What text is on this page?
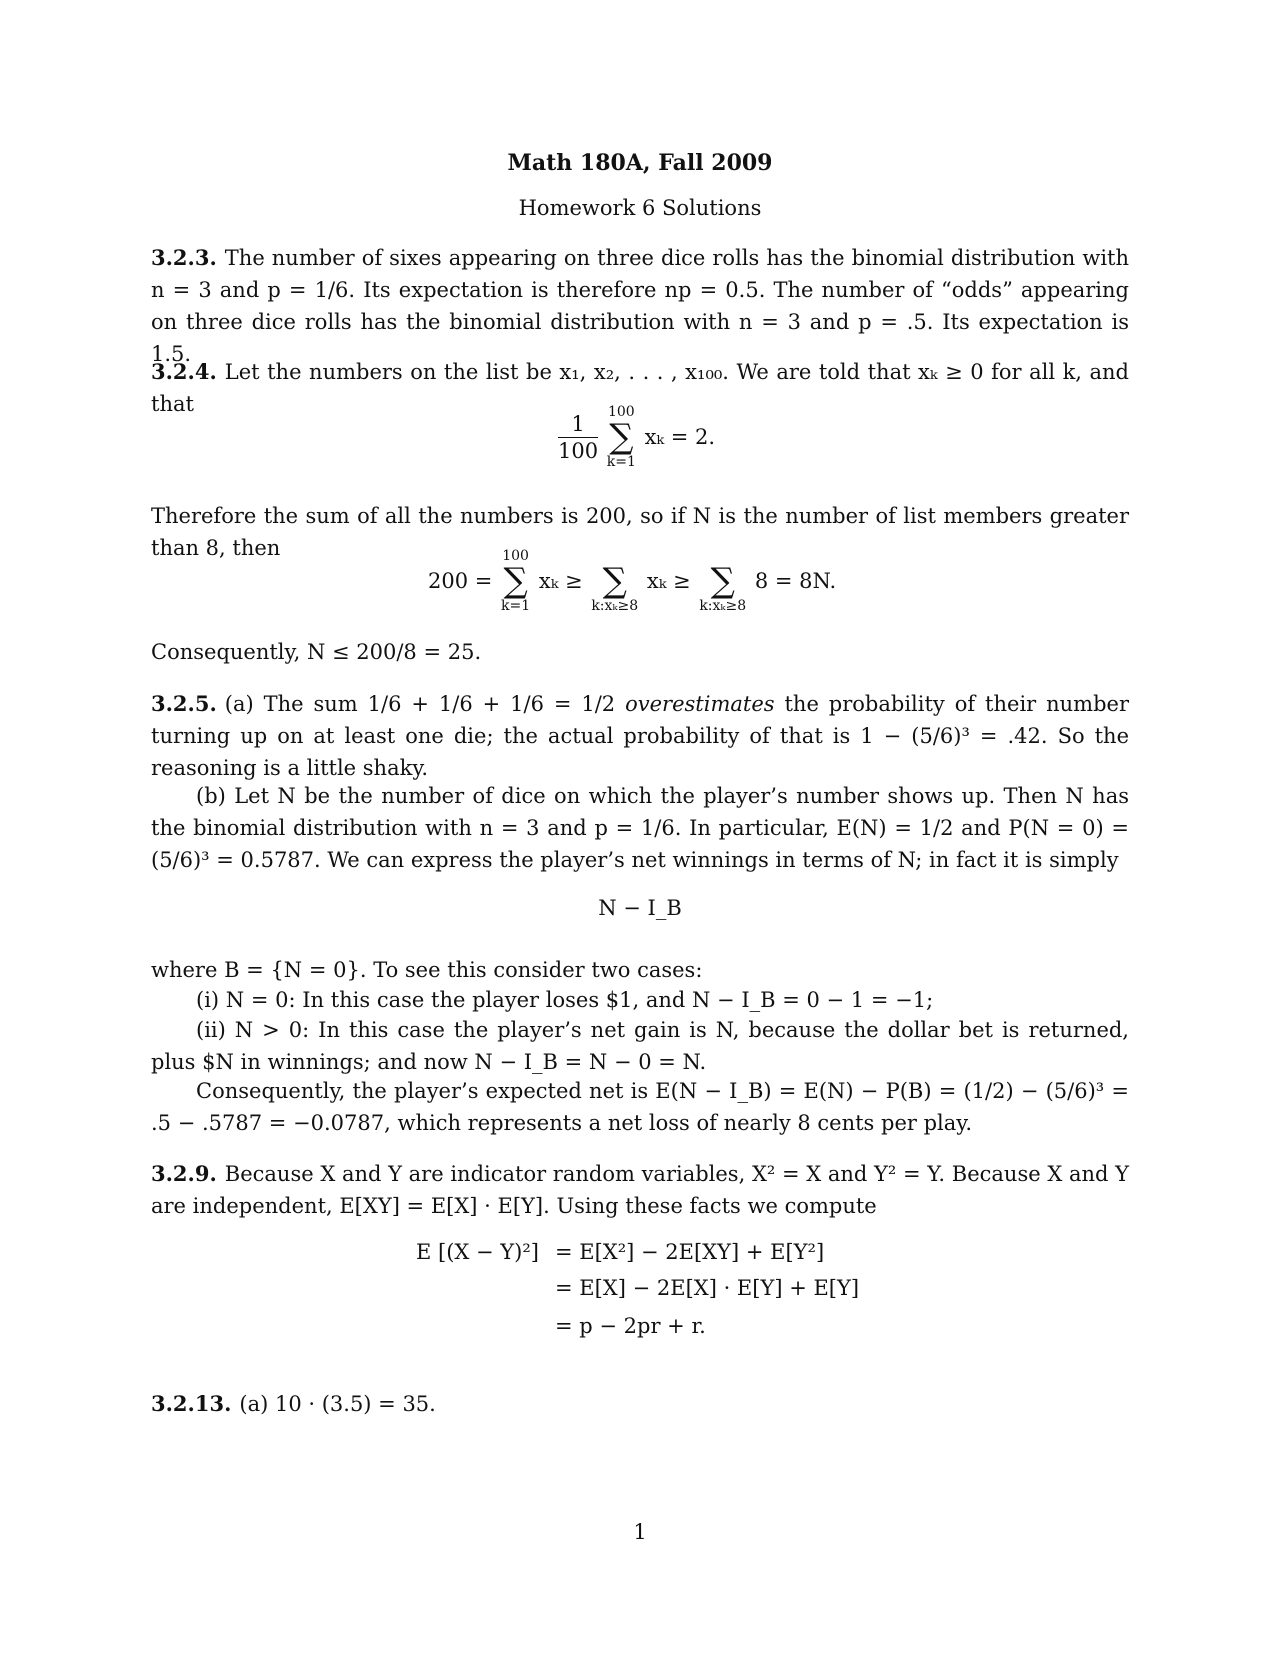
Math 180A, Fall 2009
Homework 6 Solutions
3.2.3. The number of sixes appearing on three dice rolls has the binomial distribution with n = 3 and p = 1/6. Its expectation is therefore np = 0.5. The number of “odds” appearing on three dice rolls has the binomial distribution with n = 3 and p = .5. Its expectation is 1.5.
3.2.4. Let the numbers on the list be x₁, x₂, . . . , x₁₀₀. We are told that xₖ ≥ 0 for all k, and that
$\frac{1}{100}$
100
∑
k=1
xₖ = 2.
Therefore the sum of all the numbers is 200, so if N is the number of list members greater than 8, then
200 =
100
∑
k=1
xₖ ≥
∑
k:xₖ≥8
xₖ ≥
∑
k:xₖ≥8
8 = 8N.
Consequently, N ≤ 200/8 = 25.
3.2.5. (a) The sum 1/6 + 1/6 + 1/6 = 1/2 overestimates the probability of their number turning up on at least one die; the actual probability of that is 1 − (5/6)³ = .42. So the reasoning is a little shaky.
(b) Let N be the number of dice on which the player’s number shows up. Then N has the binomial distribution with n = 3 and p = 1/6. In particular, E(N) = 1/2 and P(N = 0) = (5/6)³ = 0.5787. We can express the player’s net winnings in terms of N; in fact it is simply
N − I_B
where B = {N = 0}. To see this consider two cases:
(i) N = 0: In this case the player loses $1, and N − I_B = 0 − 1 = −1;
(ii) N > 0: In this case the player’s net gain is N, because the dollar bet is returned, plus $N in winnings; and now N − I_B = N − 0 = N.
Consequently, the player’s expected net is E(N − I_B) = E(N) − P(B) = (1/2) − (5/6)³ = .5 − .5787 = −0.0787, which represents a net loss of nearly 8 cents per play.
3.2.9. Because X and Y are indicator random variables, X² = X and Y² = Y. Because X and Y are independent, E[XY] = E[X] · E[Y]. Using these facts we compute
E [(X − Y)²] = E[X²] − 2E[XY] + E[Y²]
= E[X] − 2E[X] · E[Y] + E[Y]
= p − 2pr + r.
3.2.13. (a) 10 · (3.5) = 35.
1
